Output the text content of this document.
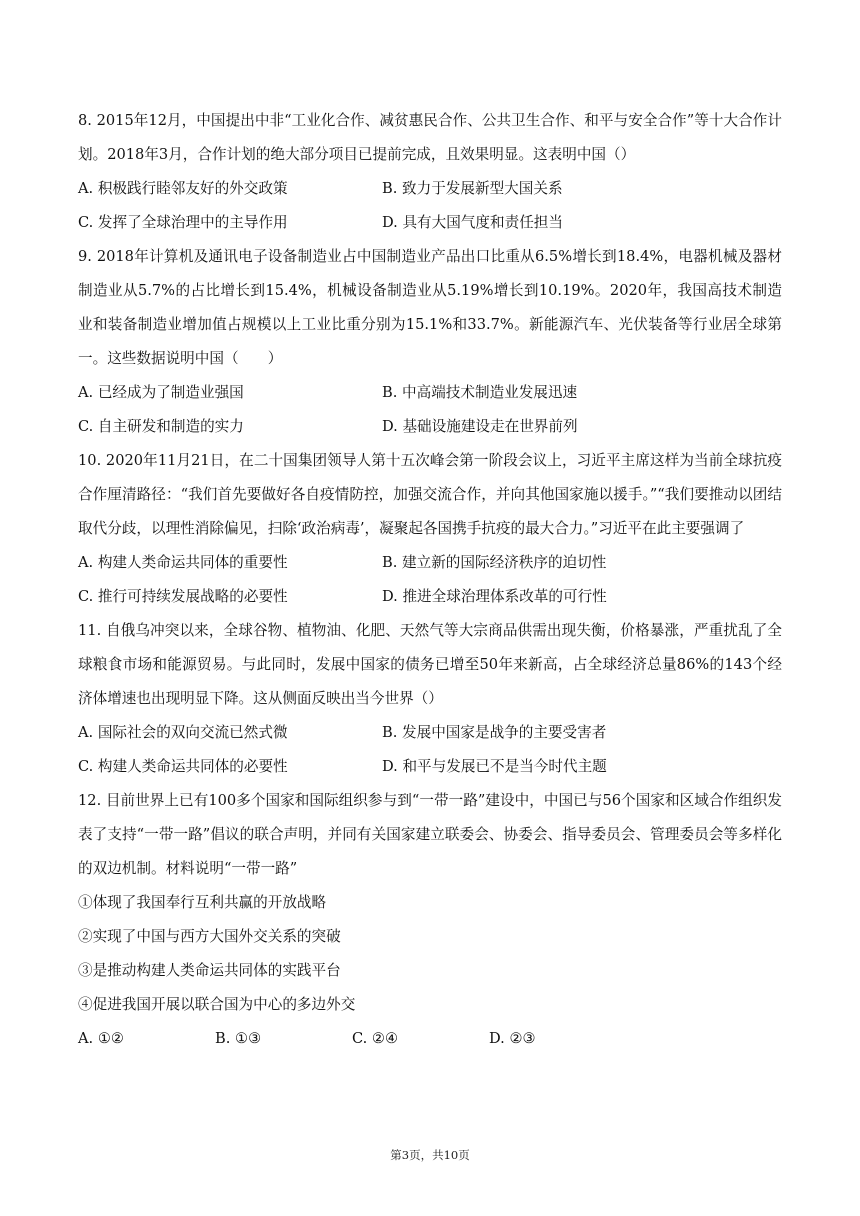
8. 2015年12月，中国提出中非“工业化合作、减贫惠民合作、公共卫生合作、和平与安全合作”等十大合作计划。2018年3月，合作计划的绝大部分项目已提前完成，且效果明显。这表明中国（）
A. 积极践行睦邻友好的外交政策	B. 致力于发展新型大国关系
C. 发挥了全球治理中的主导作用	D. 具有大国气度和责任担当
9. 2018年计算机及通讯电子设备制造业占中国制造业产品出口比重从6.5%增长到18.4%，电器机械及器材制造业从5.7%的占比增长到15.4%，机械设备制造业从5.19%增长到10.19%。2020年，我国高技术制造业和装备制造业增加值占规模以上工业比重分别为15.1%和33.7%。新能源汽车、光伏装备等行业居全球第一。这些数据说明中国（　　）
A. 已经成为了制造业强国	B. 中高端技术制造业发展迅速
C. 自主研发和制造的实力	D. 基础设施建设走在世界前列
10. 2020年11月21日，在二十国集团领导人第十五次峰会第一阶段会议上，习近平主席这样为当前全球抗疫合作厘清路径：“我们首先要做好各自疫情防控，加强交流合作，并向其他国家施以援手。”“我们要推动以团结取代分歧，以理性消除偏见，扫除‘政治病毒’，凝聚起各国携手抗疫的最大合力。”习近平在此主要强调了
A. 构建人类命运共同体的重要性	B. 建立新的国际经济秩序的迫切性
C. 推行可持续发展战略的必要性	D. 推进全球治理体系改革的可行性
11. 自俄乌冲突以来，全球谷物、植物油、化肥、天然气等大宗商品供需出现失衡，价格暴涨，严重扰乱了全球粮食市场和能源贸易。与此同时，发展中国家的债务已增至50年来新高，占全球经济总量86%的143个经济体增速也出现明显下降。这从侧面反映出当今世界（）
A. 国际社会的双向交流已然式微	B. 发展中国家是战争的主要受害者
C. 构建人类命运共同体的必要性	D. 和平与发展已不是当今时代主题
12. 目前世界上已有100多个国家和国际组织参与到“一带一路”建设中，中国已与56个国家和区域合作组织发表了支持“一带一路”倡议的联合声明，并同有关国家建立联委会、协委会、指导委员会、管理委员会等多样化的双边机制。材料说明“一带一路”
①体现了我国奉行互利共赢的开放战略
②实现了中国与西方大国外交关系的突破
③是推动构建人类命运共同体的实践平台
④促进我国开展以联合国为中心的多边外交
A. ①②	B. ①③	C. ②④	D. ②③
第3页，共10页
